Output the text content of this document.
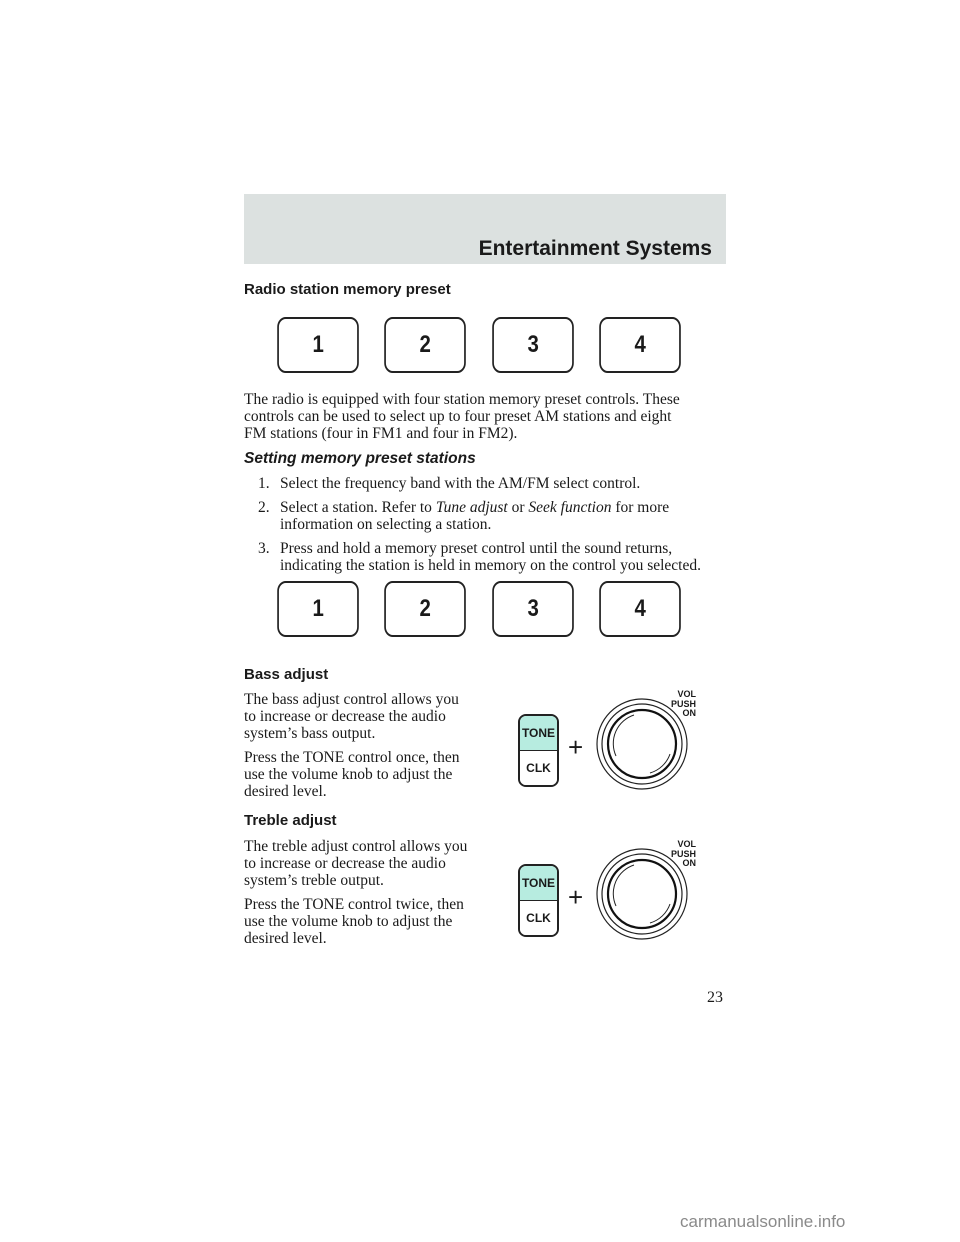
Entertainment Systems
Radio station memory preset
1	2	3	4
The radio is equipped with four station memory preset controls. These
controls can be used to select up to four preset AM stations and eight
FM stations (four in FM1 and four in FM2).
Setting memory preset stations
1. Select the frequency band with the AM/FM select control.
2. Select a station. Refer to Tune adjust or Seek function for more
information on selecting a station.
3. Press and hold a memory preset control until the sound returns,
indicating the station is held in memory on the control you selected.
1	2	3	4
Bass adjust
The bass adjust control allows you
to increase or decrease the audio
system’s bass output.
Press the TONE control once, then
use the volume knob to adjust the
desired level.
TONE
CLK
+
VOL
PUSH
ON
Treble adjust
The treble adjust control allows you
to increase or decrease the audio
system’s treble output.
Press the TONE control twice, then
use the volume knob to adjust the
desired level.
TONE
CLK
+
VOL
PUSH
ON
23
carmanualsonline.info
